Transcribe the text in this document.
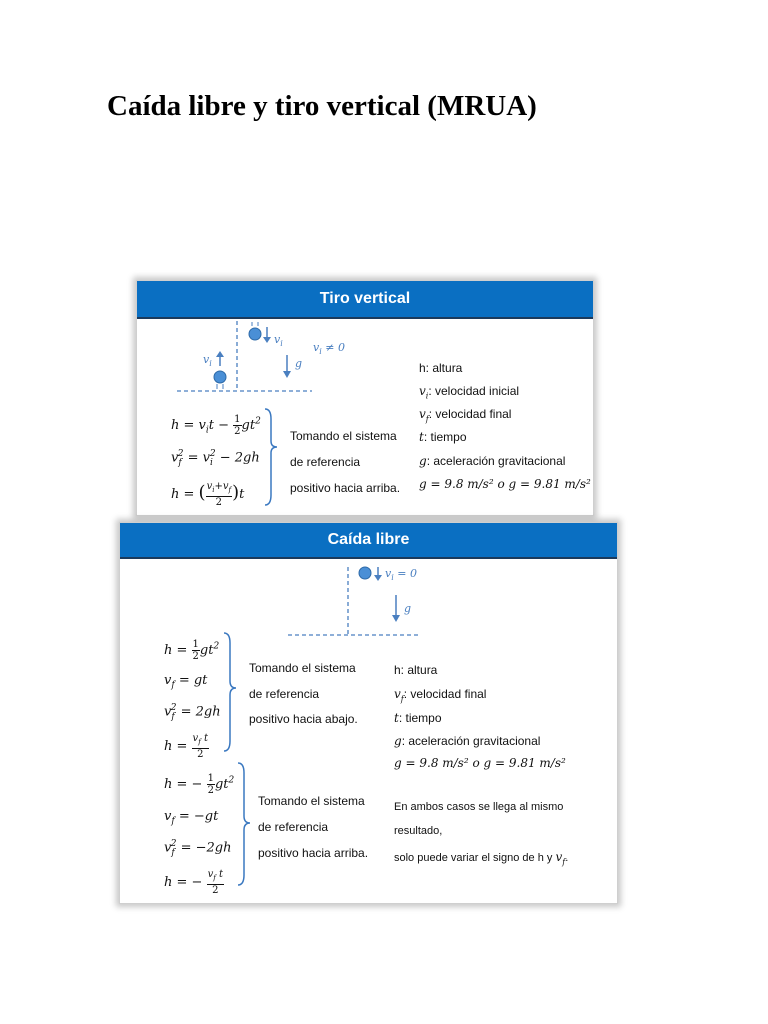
Caída libre y tiro vertical (MRUA)
Tiro vertical
$v_i$
$v_i$
$v_i \ne 0$
g
$h = v_it - \frac{1}{2} gt^2$
$v_f^2 = v_i^2 - 2gh$
h = ( $\frac{v_i+v_f}{2} )t$
Tomando el sistema
de referencia
positivo hacia arriba.
h: altura
$v_i$: velocidad inicial
$v_f$: velocidad final
t: tiempo
g: aceleración gravitacional
g = 9.8 m/s² o g = 9.81 m/s²
Caída libre
$v_i = 0$
g
$h = \frac{1}{2} gt^2$
$v_f$ = gt
$v_f^2 = 2gh$
$h = \frac{v_f t}{2}$
Tomando el sistema
de referencia
positivo hacia abajo.
h = − $\frac{1}{2} gt^2$
$v_f = -gt$
$v_f^2 = -2gh$
h = − $\frac{v_f t}{2}$
Tomando el sistema
de referencia
positivo hacia arriba.
h: altura
$v_f$: velocidad final
t: tiempo
g: aceleración gravitacional
g = 9.8 m/s² o g = 9.81 m/s²
En ambos casos se llega al mismo
resultado,
solo puede variar el signo de h y $v_f$.
